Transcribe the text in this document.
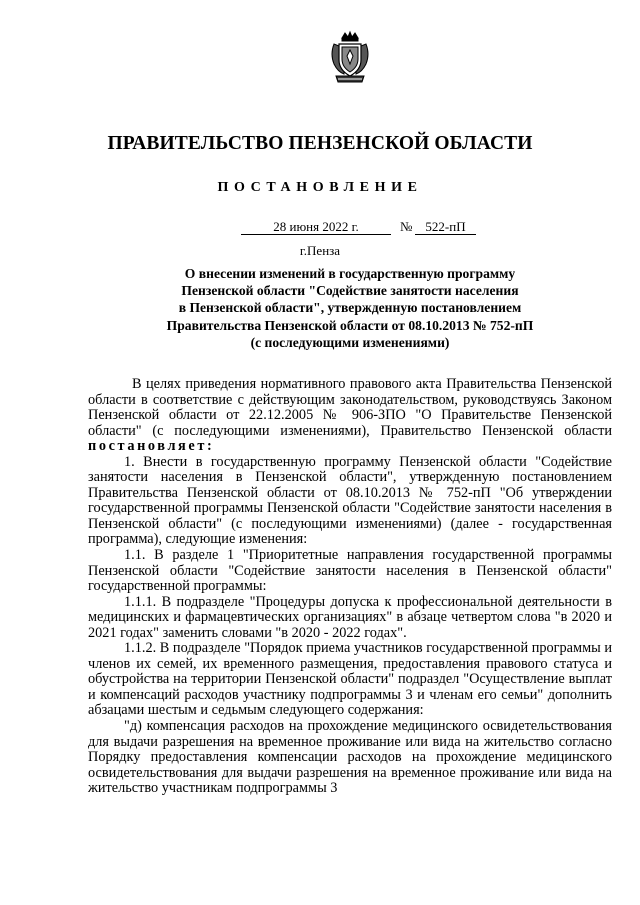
ПРАВИТЕЛЬСТВО ПЕНЗЕНСКОЙ ОБЛАСТИ
ПОСТАНОВЛЕНИЕ
28 июня 2022 г.	№	522-пП
г.Пенза
О внесении изменений в государственную программу
Пензенской области "Содействие занятости населения
в Пензенской области", утвержденную постановлением
Правительства Пензенской области от 08.10.2013 № 752-пП
(с последующими изменениями)

В целях приведения нормативного правового акта Правительства Пензенской области в соответствие с действующим законодательством, руководствуясь Законом Пензенской области от 22.12.2005 № 906-ЗПО "О Правительстве Пензенской области" (с последующими изменениями), Правительство Пензенской области постановляет:

1. Внести в государственную программу Пензенской области "Содействие занятости населения в Пензенской области", утвержденную постановлением Правительства Пензенской области от 08.10.2013 № 752-пП "Об утверждении государственной программы Пензенской области "Содействие занятости населения в Пензенской области" (с последующими изменениями) (далее - государственная программа), следующие изменения:

1.1. В разделе 1 "Приоритетные направления государственной программы Пензенской области "Содействие занятости населения в Пензенской области" государственной программы:

1.1.1. В подразделе "Процедуры допуска к профессиональной деятельности в медицинских и фармацевтических организациях" в абзаце четвертом слова "в 2020 и 2021 годах" заменить словами "в 2020 - 2022 годах".

1.1.2. В подразделе "Порядок приема участников государственной программы и членов их семей, их временного размещения, предоставления правового статуса и обустройства на территории Пензенской области" подраздел "Осуществление выплат и компенсаций расходов участнику подпрограммы 3 и членам его семьи" дополнить абзацами шестым и седьмым следующего содержания:

"д) компенсация расходов на прохождение медицинского освидетельствования для выдачи разрешения на временное проживание или вида на жительство согласно Порядку предоставления компенсации расходов на прохождение медицинского освидетельствования для выдачи разрешения на временное проживание или вида на жительство участникам подпрограммы 3
